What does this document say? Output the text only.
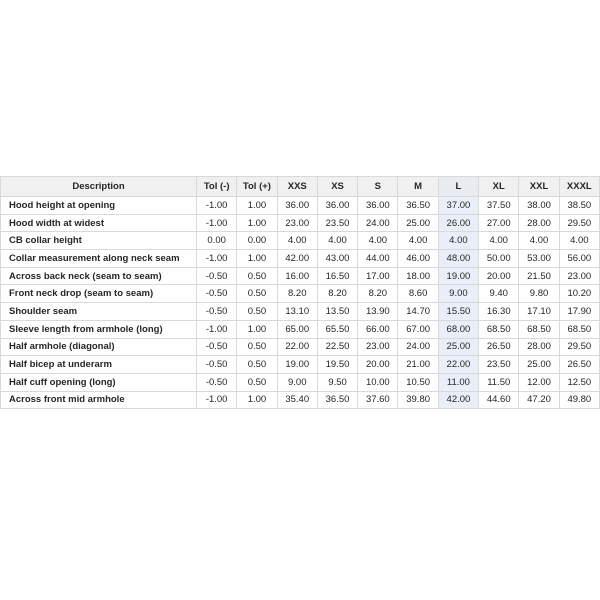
Description	Tol (-)	Tol (+)	XXS	XS	S	M	L	XL	XXL	XXXL
Hood height at opening	-1.00	1.00	36.00	36.00	36.00	36.50	37.00	37.50	38.00	38.50
Hood width at widest	-1.00	1.00	23.00	23.50	24.00	25.00	26.00	27.00	28.00	29.50
CB collar height	0.00	0.00	4.00	4.00	4.00	4.00	4.00	4.00	4.00	4.00
Collar measurement along neck seam	-1.00	1.00	42.00	43.00	44.00	46.00	48.00	50.00	53.00	56.00
Across back neck (seam to seam)	-0.50	0.50	16.00	16.50	17.00	18.00	19.00	20.00	21.50	23.00
Front neck drop (seam to seam)	-0.50	0.50	8.20	8.20	8.20	8.60	9.00	9.40	9.80	10.20
Shoulder seam	-0.50	0.50	13.10	13.50	13.90	14.70	15.50	16.30	17.10	17.90
Sleeve length from armhole (long)	-1.00	1.00	65.00	65.50	66.00	67.00	68.00	68.50	68.50	68.50
Half armhole (diagonal)	-0.50	0.50	22.00	22.50	23.00	24.00	25.00	26.50	28.00	29.50
Half bicep at underarm	-0.50	0.50	19.00	19.50	20.00	21.00	22.00	23.50	25.00	26.50
Half cuff opening (long)	-0.50	0.50	9.00	9.50	10.00	10.50	11.00	11.50	12.00	12.50
Across front mid armhole	-1.00	1.00	35.40	36.50	37.60	39.80	42.00	44.60	47.20	49.80
